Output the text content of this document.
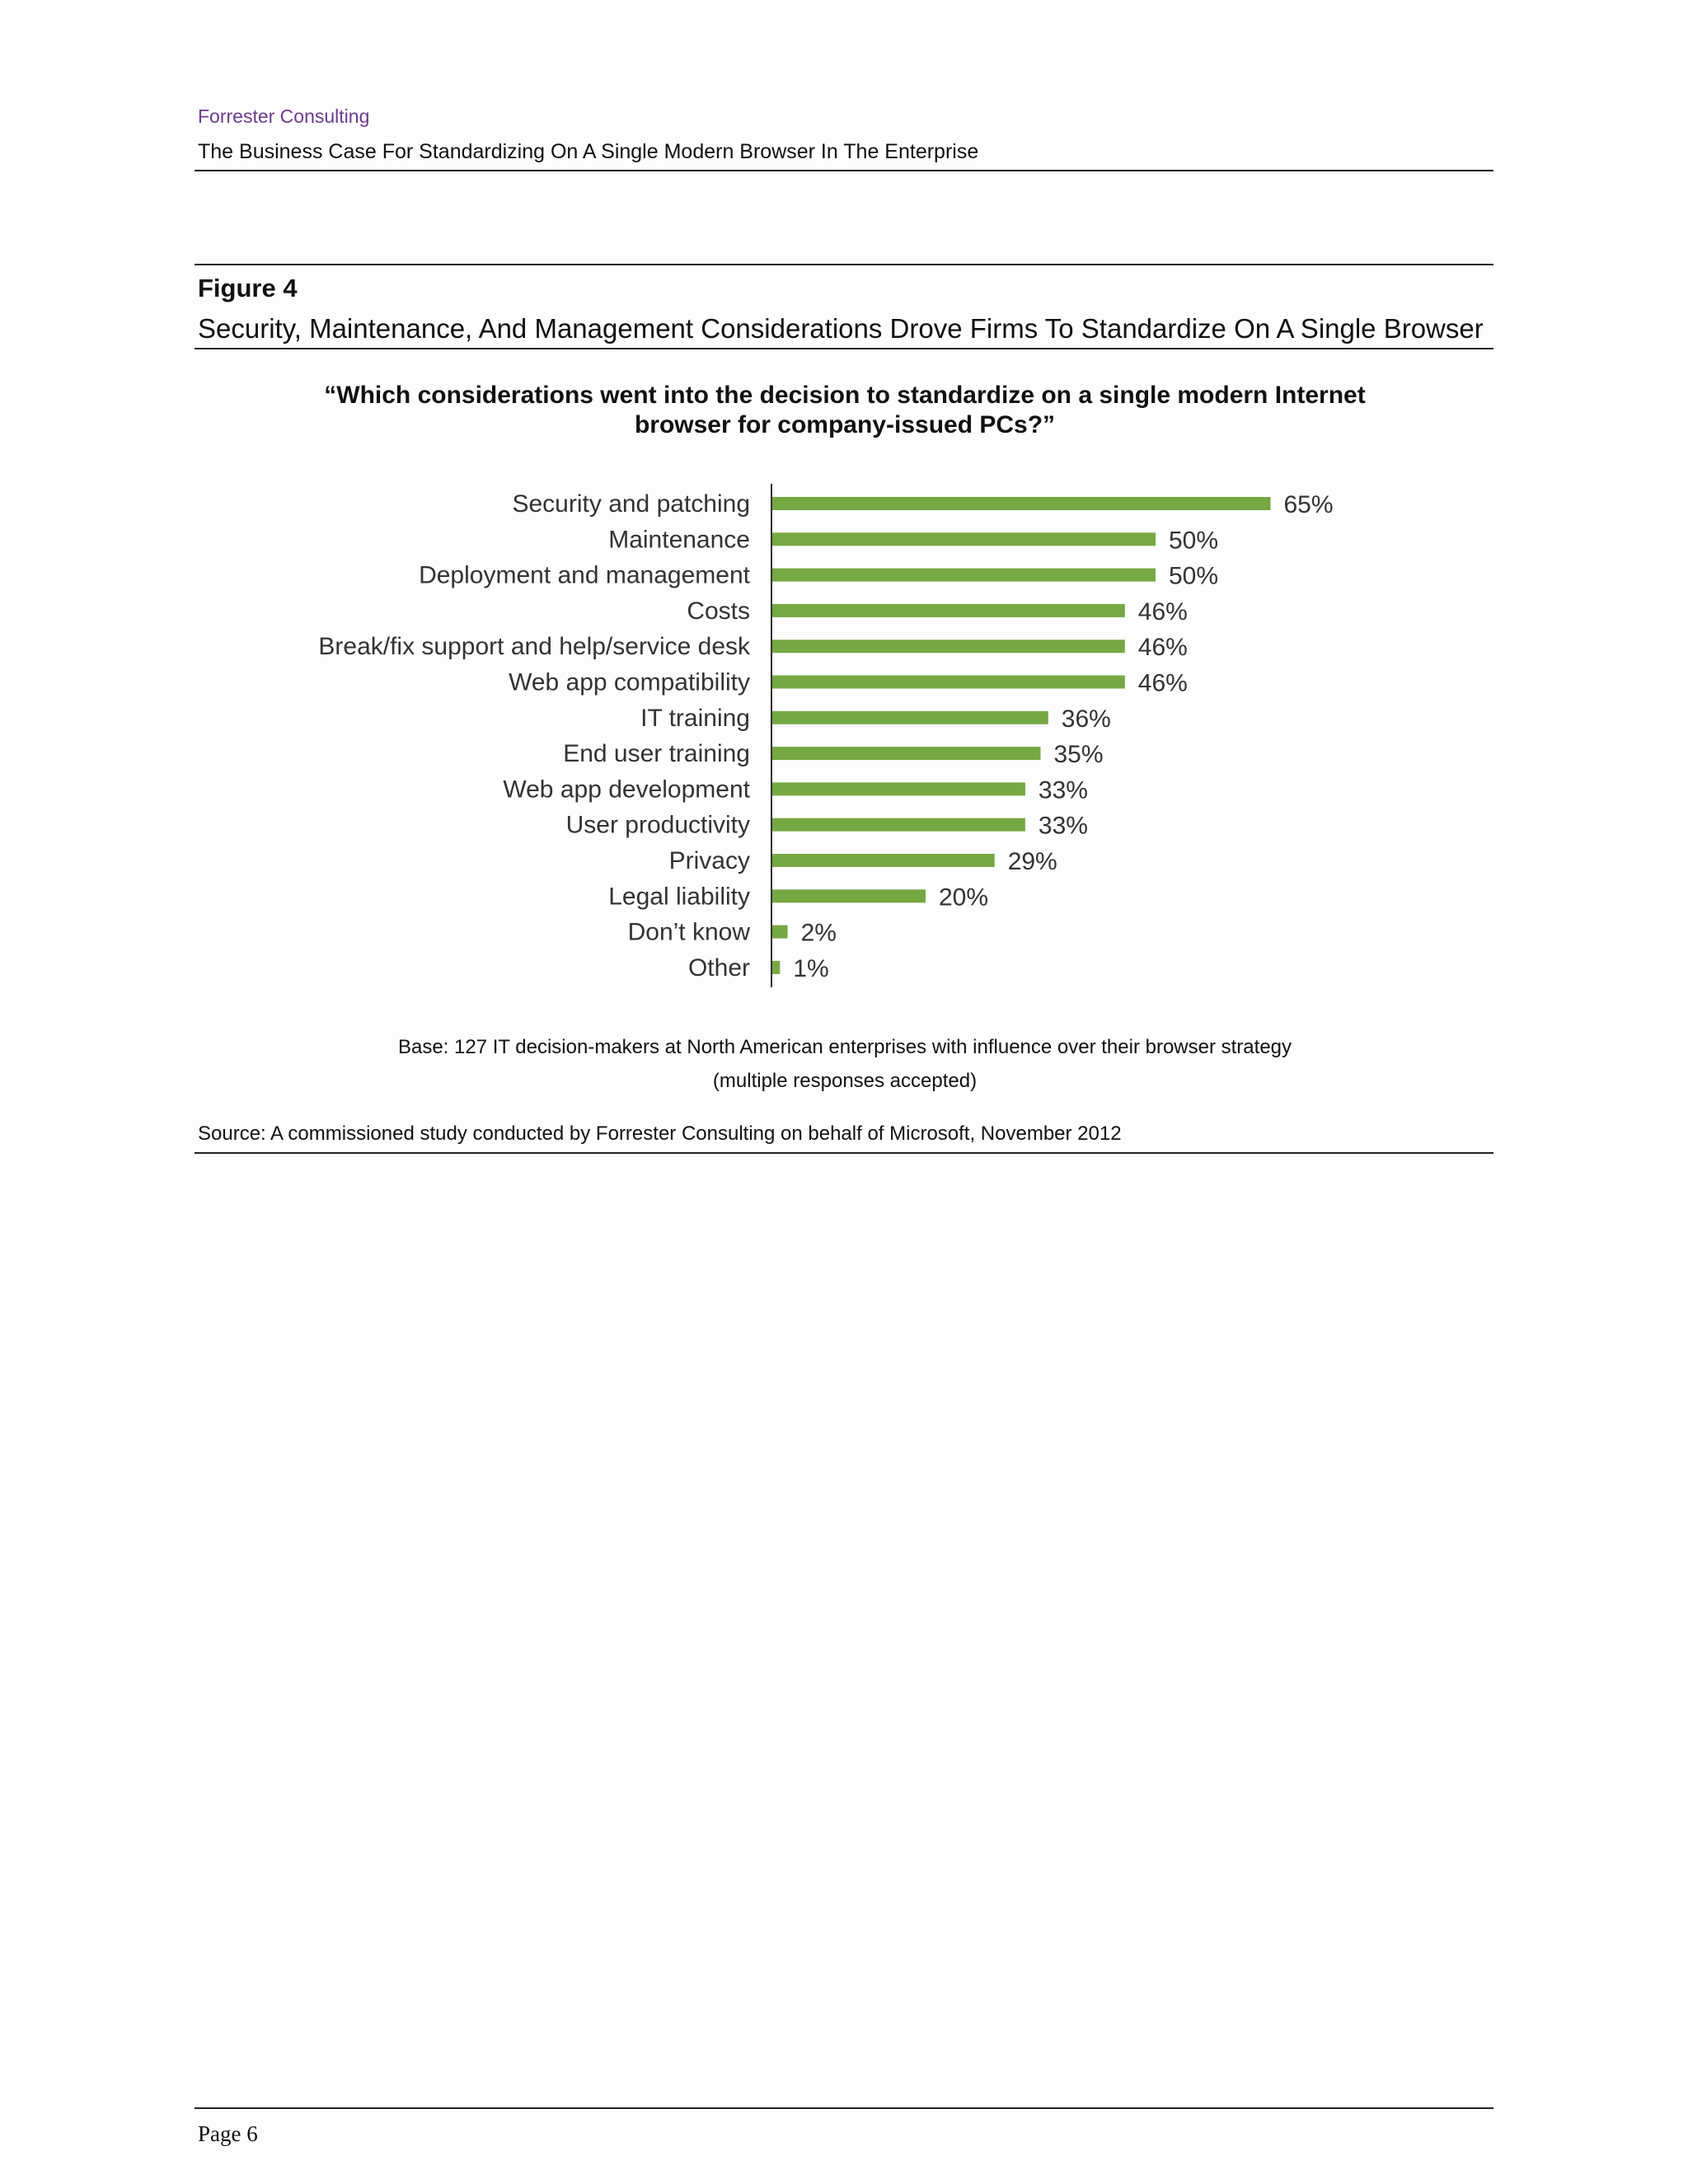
Forrester Consulting
The Business Case For Standardizing On A Single Modern Browser In The Enterprise
Figure 4
Security, Maintenance, And Management Considerations Drove Firms To Standardize On A Single Browser
“Which considerations went into the decision to standardize on a single modern Internet
browser for company-issued PCs?”
Security and patching	65%
Maintenance	50%
Deployment and management	50%
Costs	46%
Break/fix support and help/service desk	46%
Web app compatibility	46%
IT training	36%
End user training	35%
Web app development	33%
User productivity	33%
Privacy	29%
Legal liability	20%
Don’t know 2%
Other 1%
Base: 127 IT decision-makers at North American enterprises with influence over their browser strategy
(multiple responses accepted)
Source: A commissioned study conducted by Forrester Consulting on behalf of Microsoft, November 2012
Page 6
